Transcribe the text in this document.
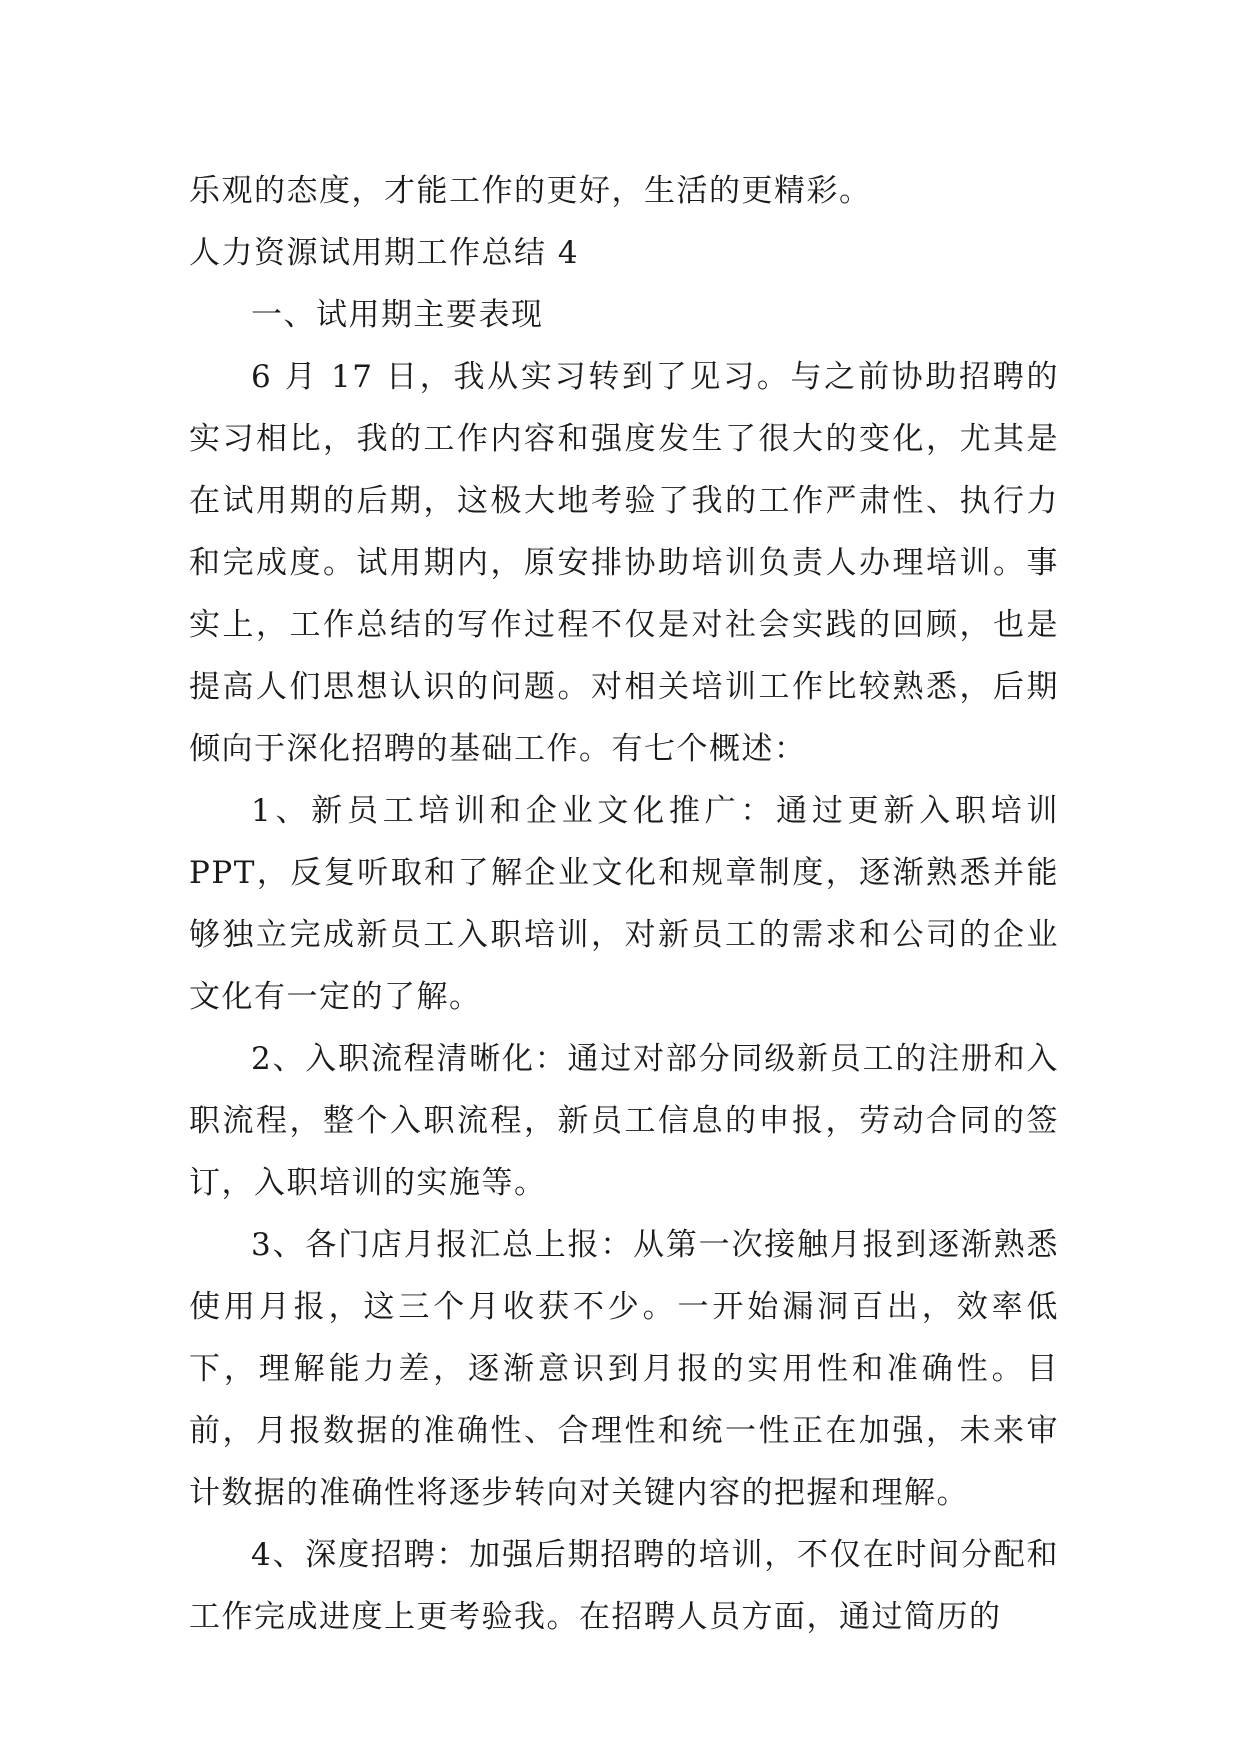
乐观的态度，才能工作的更好，生活的更精彩。

人力资源试用期工作总结 4

一、试用期主要表现

6 月 17 日，我从实习转到了见习。与之前协助招聘的实习相比，我的工作内容和强度发生了很大的变化，尤其是在试用期的后期，这极大地考验了我的工作严肃性、执行力和完成度。试用期内，原安排协助培训负责人办理培训。事实上，工作总结的写作过程不仅是对社会实践的回顾，也是提高人们思想认识的问题。对相关培训工作比较熟悉，后期倾向于深化招聘的基础工作。有七个概述：

1、新员工培训和企业文化推广：通过更新入职培训 PPT，反复听取和了解企业文化和规章制度，逐渐熟悉并能够独立完成新员工入职培训，对新员工的需求和公司的企业文化有一定的了解。

2、入职流程清晰化：通过对部分同级新员工的注册和入职流程，整个入职流程，新员工信息的申报，劳动合同的签订，入职培训的实施等。

3、各门店月报汇总上报：从第一次接触月报到逐渐熟悉使用月报，这三个月收获不少。一开始漏洞百出，效率低下，理解能力差，逐渐意识到月报的实用性和准确性。目前，月报数据的准确性、合理性和统一性正在加强，未来审计数据的准确性将逐步转向对关键内容的把握和理解。

4、深度招聘：加强后期招聘的培训，不仅在时间分配和工作完成进度上更考验我。在招聘人员方面，通过简历的
